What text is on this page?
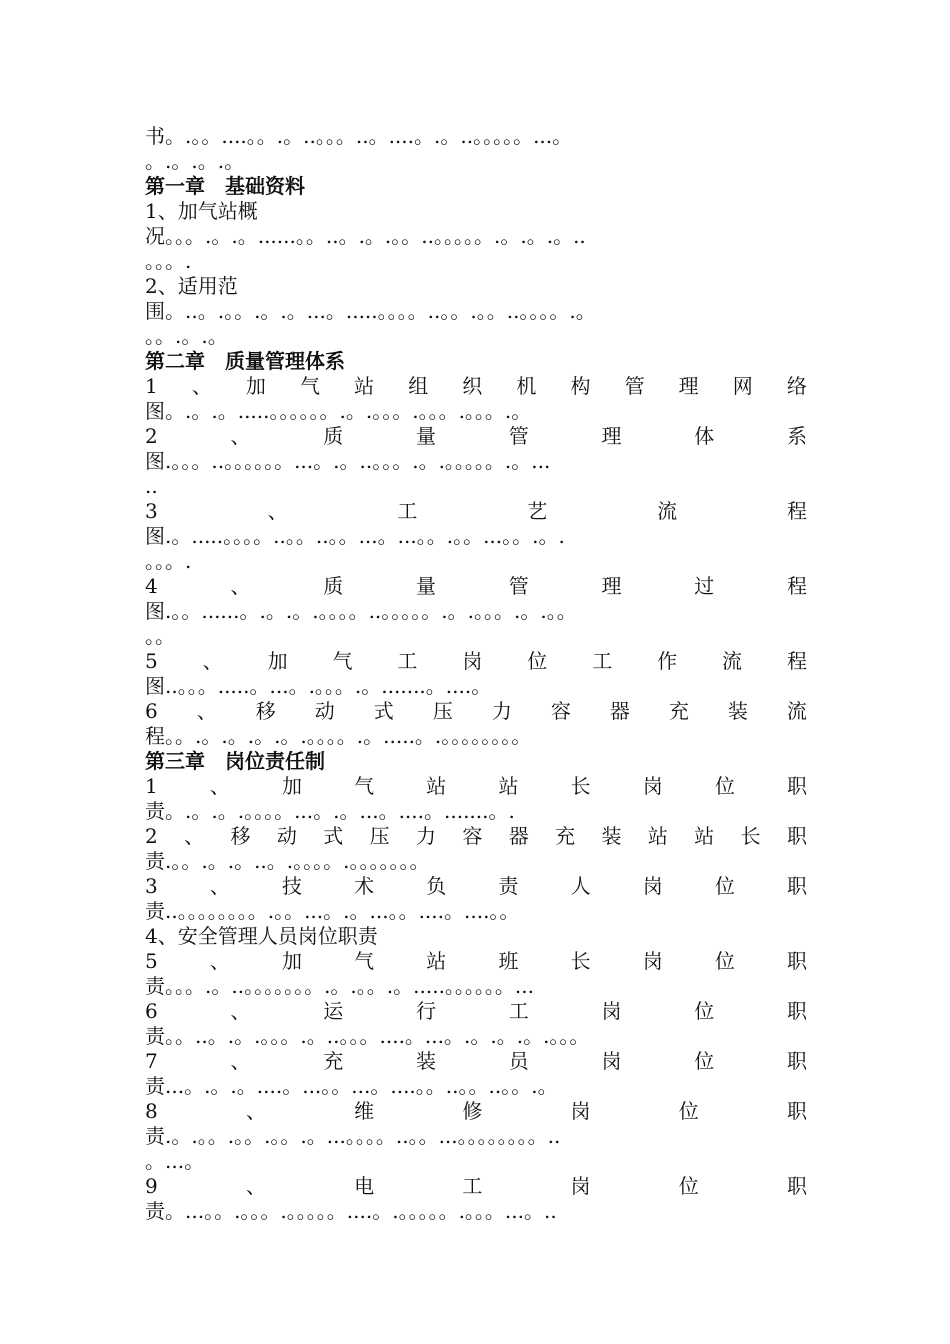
书。.。。....。。.。..。。。..。....。.。..。。。。。...。
。.。.。.。
第一章　基础资料
1、加气站概
况。。。.。.。......。。..。.。.。。..。。。。。.。.。.。..
。。。.
2、适用范
围。..。.。。.。.。...。.....。。。。..。。.。。..。。。。.。
。。.。.。
第二章　质量管理体系
1 、 加 气 站 组 织 机 构 管 理 网 络
图。.。.。.....。。。。。。.。.。。。.。。。.。。。.。
2	、	质	量	管	理	体	系
图.。。。..。。。。。。...。.。..。。。.。.。。。。。.。...
..
3	、	工	艺	流	程
图.。.....。。。。..。。..。。...。...。。.。。...。。.。.
。。。.
4	、	质	量	管	理	过	程
图.。。......。.。.。.。。。。..。。。。。.。.。。。.。.。。
。。
5 、 加 气 工 岗 位 工 作 流 程
图..。。。.....。...。.。。。.。.......。....。
6 、 移 动 式 压 力 容 器 充 装 流
程。。.。.。.。.。.。。。。.。.....。.。。。。。。。。
第三章　岗位责任制
1	、	加	气	站	站	长	岗	位	职
责。.。.。.。。。。...。.。...。....。.......。.
2 、 移 动 式 压 力 容 器 充 装 站 站 长 职
责.。。.。.。..。.。。。。.。。。。。。。
3	、	技	术	负	责	人	岗	位	职
责..。。。。。。。。.。。...。.。...。。....。....。。
4、安全管理人员岗位职责
5	、	加	气	站	班	长	岗	位	职
责。。。.。..。。。。。。。.。.。。.。.....。。。。。。...
6	、	运	行	工	岗	位	职
责。。..。.。.。。。.。..。。。....。...。.。.。.。.。。。
7	、	充	装	员	岗	位	职
责...。.。.。....。...。。...。....。。..。。..。。.。
8	、	维	修	岗	位	职
责.。.。。.。。.。。.。...。。。。..。。...。。。。。。。。..
。...。
9	、	电	工	岗	位	职
责。...。。.。。。.。。。。。....。.。。。。。.。。。...。..
